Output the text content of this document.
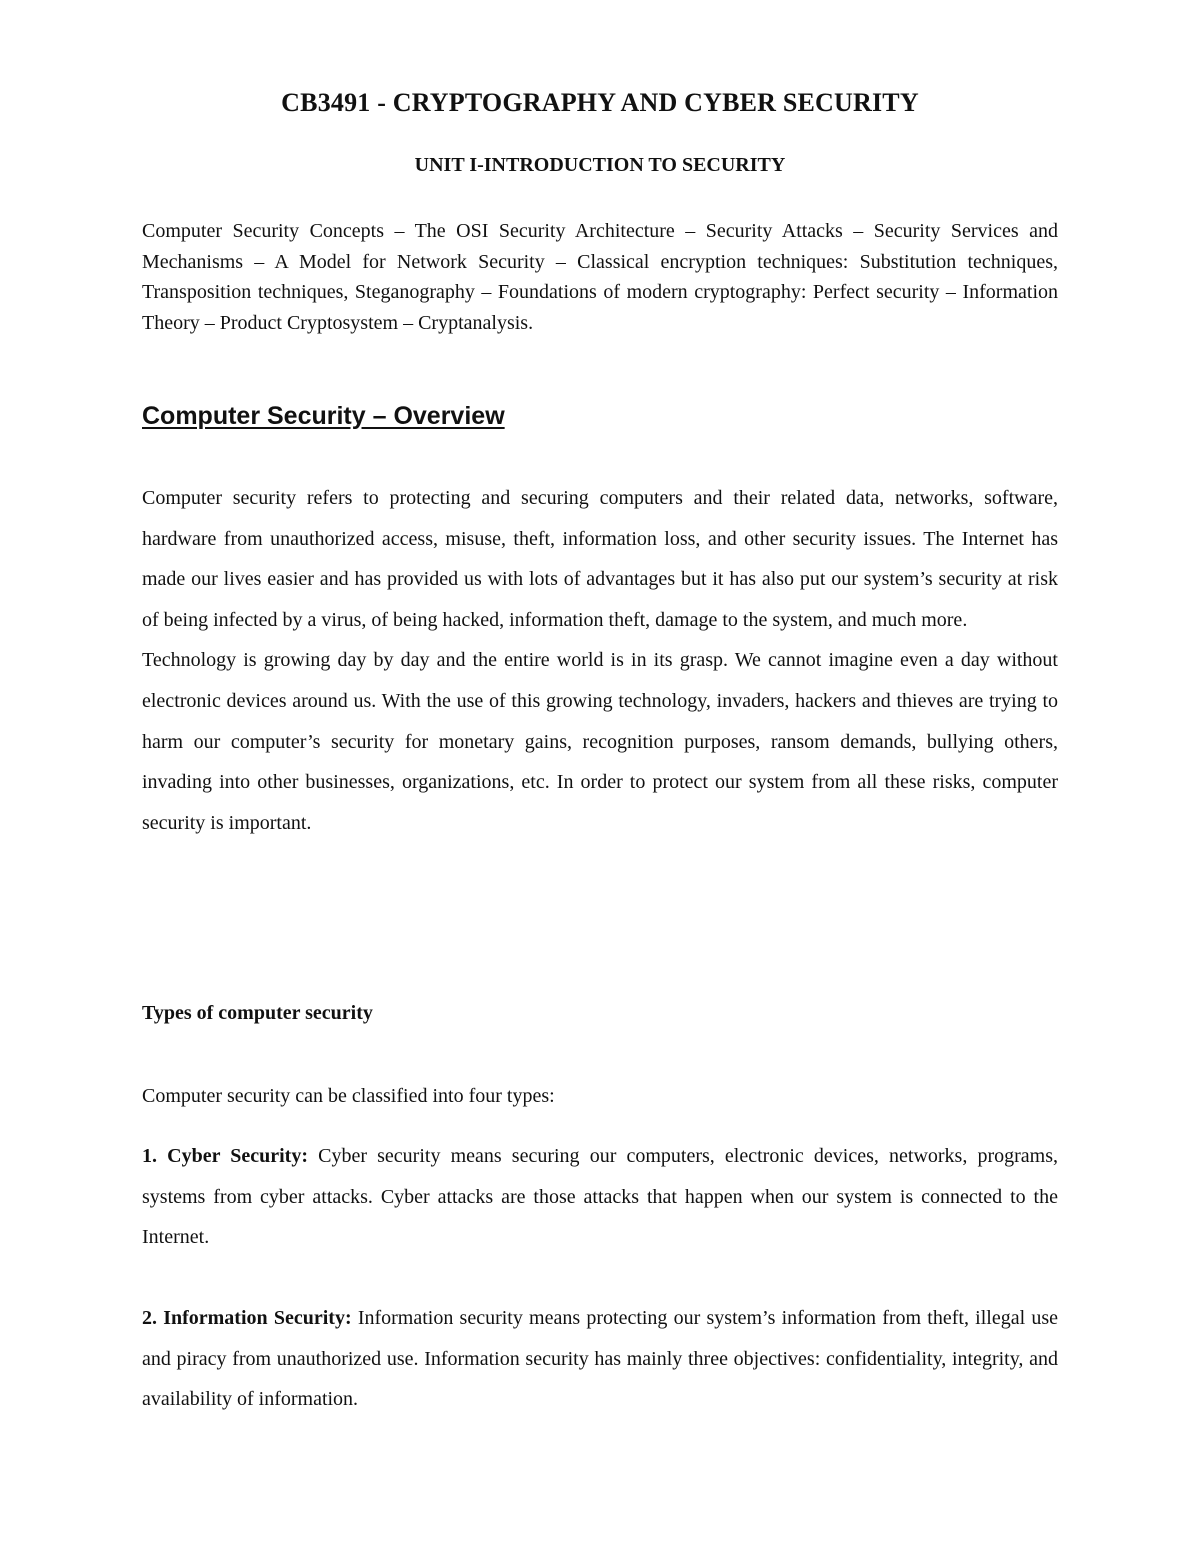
CB3491 - CRYPTOGRAPHY AND CYBER SECURITY
UNIT I-INTRODUCTION TO SECURITY

Computer Security Concepts – The OSI Security Architecture – Security Attacks – Security Services and Mechanisms – A Model for Network Security – Classical encryption techniques: Substitution techniques, Transposition techniques, Steganography – Foundations of modern cryptography: Perfect security – Information Theory – Product Cryptosystem – Cryptanalysis.

Computer Security – Overview

Computer security refers to protecting and securing computers and their related data, networks, software, hardware from unauthorized access, misuse, theft, information loss, and other security issues. The Internet has made our lives easier and has provided us with lots of advantages but it has also put our system’s security at risk of being infected by a virus, of being hacked, information theft, damage to the system, and much more.

Technology is growing day by day and the entire world is in its grasp. We cannot imagine even a day without electronic devices around us. With the use of this growing technology, invaders, hackers and thieves are trying to harm our computer’s security for monetary gains, recognition purposes, ransom demands, bullying others, invading into other businesses, organizations, etc. In order to protect our system from all these risks, computer security is important.

Types of computer security

Computer security can be classified into four types:

1. Cyber Security: Cyber security means securing our computers, electronic devices, networks, programs, systems from cyber attacks. Cyber attacks are those attacks that happen when our system is connected to the Internet.

2. Information Security: Information security means protecting our system’s information from theft, illegal use and piracy from unauthorized use. Information security has mainly three objectives: confidentiality, integrity, and availability of information.
